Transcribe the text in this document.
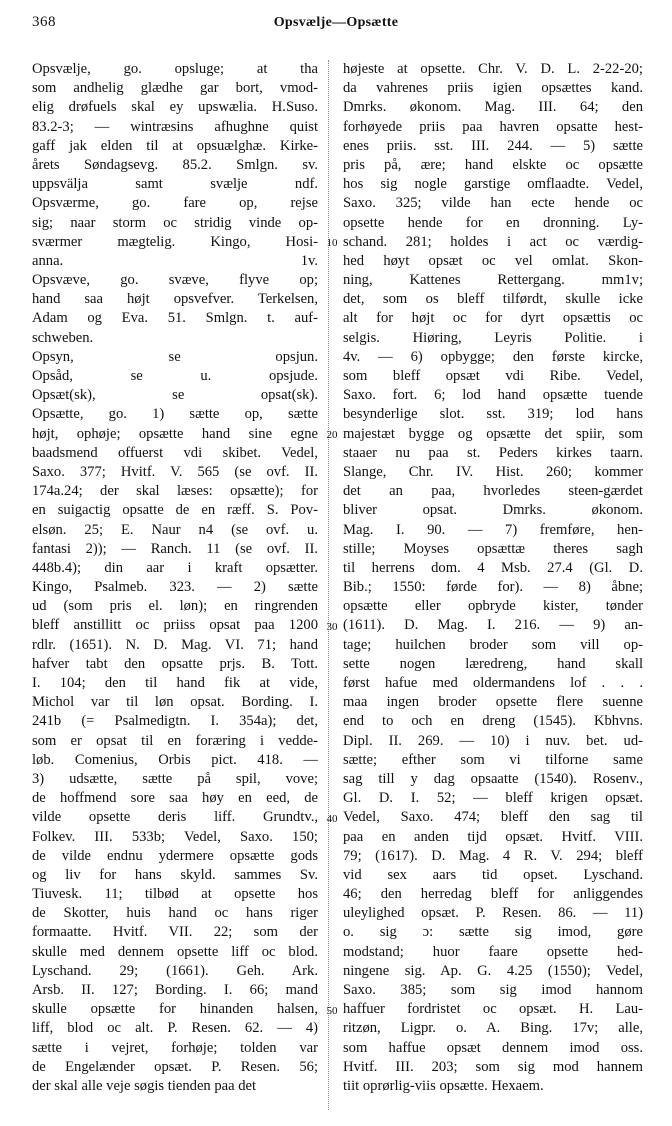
368	Opsvælje—Opsætte
Opsvælje, go. opsluge; at tha
som andhelig glædhe gar bort, vmod-
elig drøfuels skal ey upswælia. H.Suso.
83.2-3; — wintræsins afhughne quist
gaff jak elden til at opsuælghæ. Kirke-
årets Søndagsevg. 85.2. Smlgn. sv.
uppsvälja samt svælje ndf.
Opsværme, go. fare op, rejse
sig; naar storm oc stridig vinde op-
sværmer mægtelig. Kingo, Hosi-
anna. 1v.
Opsvæve, go. svæve, flyve op;
hand saa højt opsvefver. Terkelsen,
Adam og Eva. 51. Smlgn. t. auf-
schweben.
Opsyn, se opsjun.
Opsåd, se u. opsjude.
Opsæt(sk), se opsat(sk).
Opsætte, go. 1) sætte op, sætte
højt, ophøje; opsætte hand sine egne
baadsmend offuerst vdi skibet. Vedel,
Saxo. 377; Hvitf. V. 565 (se ovf. II.
174a.24; der skal læses: opsætte); for
en suigactig opsatte de en ræff. S. Pov-
elsøn. 25; E. Naur n4 (se ovf. u.
fantasi 2)); — Ranch. 11 (se ovf. II.
448b.4); din aar i kraft opsætter.
Kingo, Psalmeb. 323. — 2) sætte
ud (som pris el. løn); en ringrenden
bleff anstillitt oc priiss opsat paa 1200
rdlr. (1651). N. D. Mag. VI. 71; hand
hafver tabt den opsatte prjs. B. Tott.
I. 104; den til hand fik at vide,
Michol var til løn opsat. Bording. I.
241b (= Psalmedigtn. I. 354a); det,
som er opsat til en foræring i vedde-
løb. Comenius, Orbis pict. 418. —
3) udsætte, sætte på spil, vove;
de hoffmend sore saa høy en eed, de
vilde opsette deris liff. Grundtv.,
Folkev. III. 533b; Vedel, Saxo. 150;
de vilde endnu ydermere opsætte gods
og liv for hans skyld. sammes Sv.
Tiuvesk. 11; tilbød at opsette hos
de Skotter, huis hand oc hans riger
formaatte. Hvitf. VII. 22; som der
skulle med dennem opsette liff oc blod.
Lyschand. 29; (1661). Geh. Ark.
Arsb. II. 127; Bording. I. 66; mand
skulle opsætte for hinanden halsen,
liff, blod oc alt. P. Resen. 62. — 4)
sætte i vejret, forhøje; tolden var
de Engelænder opsæt. P. Resen. 56;
der skal alle veje søgis tienden paa det
10
20
30
40
50
højeste at opsette. Chr. V. D. L. 2-22-20;
da vahrenes priis igien opsættes kand.
Dmrks. økonom. Mag. III. 64; den
forhøyede priis paa havren opsatte hest-
enes priis. sst. III. 244. — 5) sætte
pris på, ære; hand elskte oc opsætte
hos sig nogle garstige omflaadte. Vedel,
Saxo. 325; vilde han ecte hende oc
opsette hende for en dronning. Ly-
schand. 281; holdes i act oc værdig-
hed høyt opsæt oc vel omlat. Skon-
ning, Kattenes Rettergang. mm1v;
det, som os bleff tilførdt, skulle icke
alt for højt oc for dyrt opsættis oc
selgis. Hiøring, Leyris Politie. i
4v. — 6) opbygge; den første kircke,
som bleff opsæt vdi Ribe. Vedel,
Saxo. fort. 6; lod hand opsætte tuende
besynderlige slot. sst. 319; lod hans
majestæt bygge og opsætte det spiir, som
staaer nu paa st. Peders kirkes taarn.
Slange, Chr. IV. Hist. 260; kommer
det an paa, hvorledes steen-gærdet
bliver opsat. Dmrks. økonom.
Mag. I. 90. — 7) fremføre, hen-
stille; Moyses opsættæ theres sagh
til herrens dom. 4 Msb. 27.4 (Gl. D.
Bib.; 1550: førde for). — 8) åbne;
opsætte eller opbryde kister, tønder
(1611). D. Mag. I. 216. — 9) an-
tage; huilchen broder som vill op-
sette nogen læredreng, hand skall
først hafue med oldermandens lof . . .
maa ingen broder opsette flere suenne
end to och en dreng (1545). Kbhvns.
Dipl. II. 269. — 10) i nuv. bet. ud-
sætte; efther som vi tilforne same
sag till y dag opsaatte (1540). Rosenv.,
Gl. D. I. 52; — bleff krigen opsæt.
Vedel, Saxo. 474; bleff den sag til
paa en anden tijd opsæt. Hvitf. VIII.
79; (1617). D. Mag. 4 R. V. 294; bleff
vid sex aars tid opset. Lyschand.
46; den herredag bleff for anliggendes
uleylighed opsæt. P. Resen. 86. — 11)
o. sig ɔ: sætte sig imod, gøre
modstand; huor faare opsette hed-
ningene sig. Ap. G. 4.25 (1550); Vedel,
Saxo. 385; som sig imod hannom
haffuer fordristet oc opsæt. H. Lau-
ritzøn, Ligpr. o. A. Bing. 17v; alle,
som haffue opsæt dennem imod oss.
Hvitf. III. 203; som sig mod hannem
tiit oprørlig-viis opsætte. Hexaem.
